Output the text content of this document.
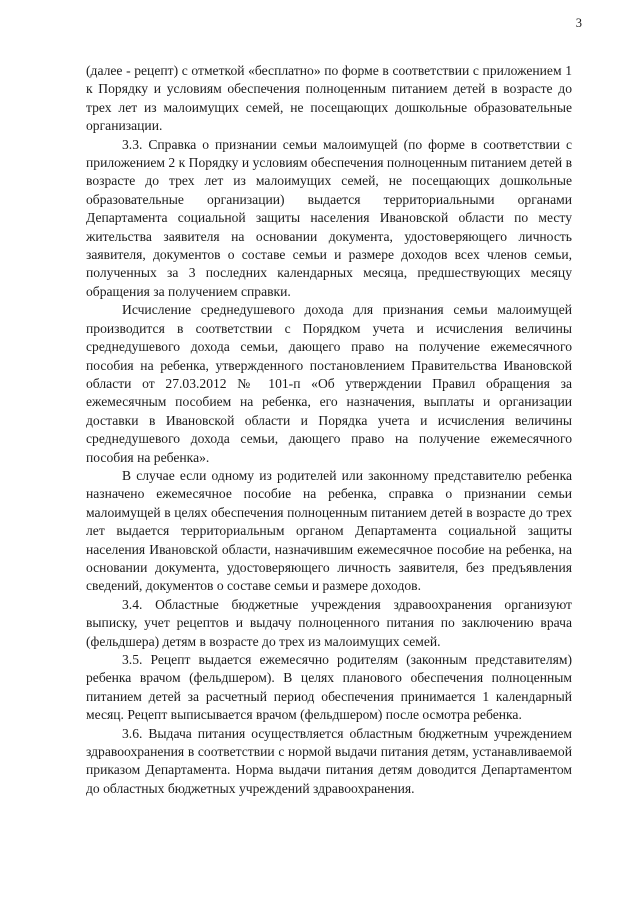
3

(далее - рецепт) с отметкой «бесплатно» по форме в соответствии с приложением 1 к Порядку и условиям обеспечения полноценным питанием детей в возрасте до трех лет из малоимущих семей, не посещающих дошкольные образовательные организации.

3.3. Справка о признании семьи малоимущей (по форме в соответствии с приложением 2 к Порядку и условиям обеспечения полноценным питанием детей в возрасте до трех лет из малоимущих семей, не посещающих дошкольные образовательные организации) выдается территориальными органами Департамента социальной защиты населения Ивановской области по месту жительства заявителя на основании документа, удостоверяющего личность заявителя, документов о составе семьи и размере доходов всех членов семьи, полученных за 3 последних календарных месяца, предшествующих месяцу обращения за получением справки.

Исчисление среднедушевого дохода для признания семьи малоимущей производится в соответствии с Порядком учета и исчисления величины среднедушевого дохода семьи, дающего право на получение ежемесячного пособия на ребенка, утвержденного постановлением Правительства Ивановской области от 27.03.2012 № 101-п «Об утверждении Правил обращения за ежемесячным пособием на ребенка, его назначения, выплаты и организации доставки в Ивановской области и Порядка учета и исчисления величины среднедушевого дохода семьи, дающего право на получение ежемесячного пособия на ребенка».

В случае если одному из родителей или законному представителю ребенка назначено ежемесячное пособие на ребенка, справка о признании семьи малоимущей в целях обеспечения полноценным питанием детей в возрасте до трех лет выдается территориальным органом Департамента социальной защиты населения Ивановской области, назначившим ежемесячное пособие на ребенка, на основании документа, удостоверяющего личность заявителя, без предъявления сведений, документов о составе семьи и размере доходов.

3.4. Областные бюджетные учреждения здравоохранения организуют выписку, учет рецептов и выдачу полноценного питания по заключению врача (фельдшера) детям в возрасте до трех из малоимущих семей.

3.5. Рецепт выдается ежемесячно родителям (законным представителям) ребенка врачом (фельдшером). В целях планового обеспечения полноценным питанием детей за расчетный период обеспечения принимается 1 календарный месяц. Рецепт выписывается врачом (фельдшером) после осмотра ребенка.

3.6. Выдача питания осуществляется областным бюджетным учреждением здравоохранения в соответствии с нормой выдачи питания детям, устанавливаемой приказом Департамента. Норма выдачи питания детям доводится Департаментом до областных бюджетных учреждений здравоохранения.
